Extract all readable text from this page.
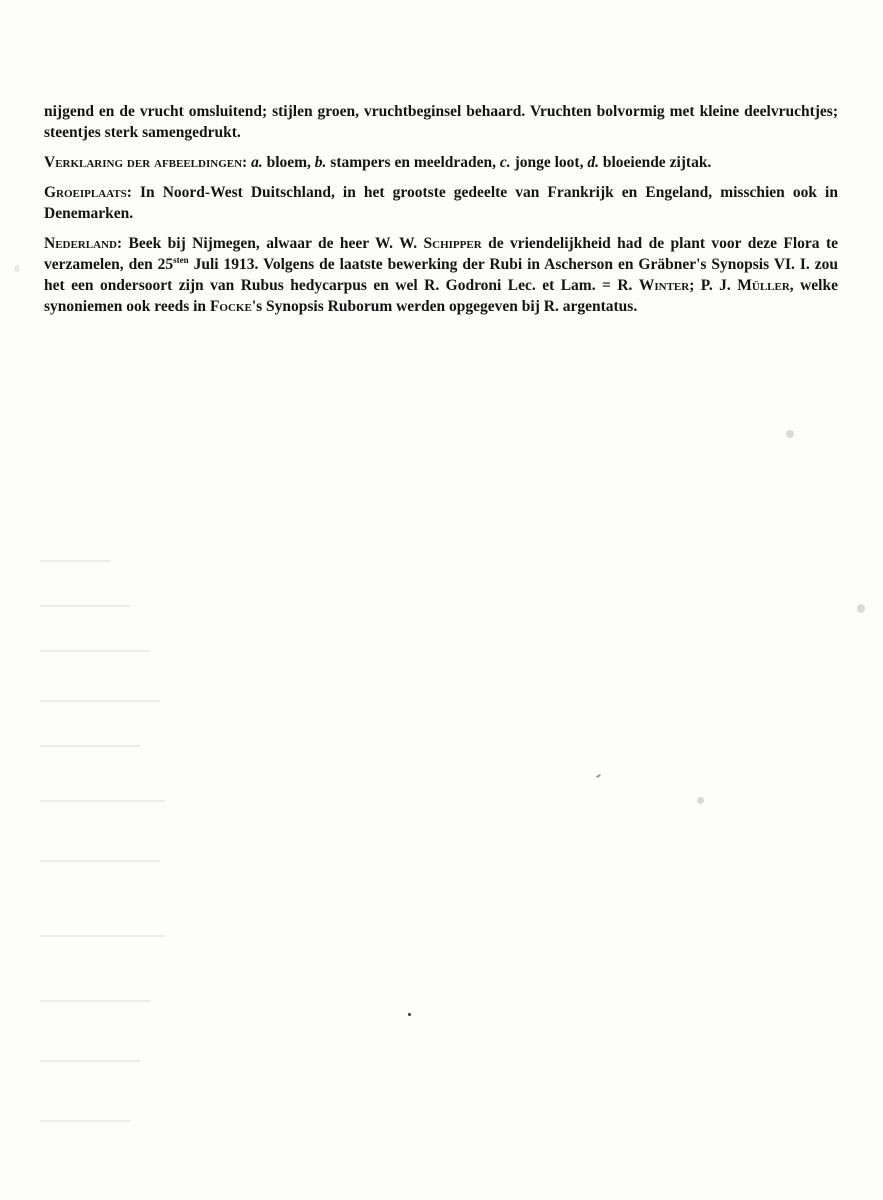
nijgend en de vrucht omsluitend; stijlen groen, vruchtbeginsel behaard. Vruchten bolvormig met kleine deelvruchtjes; steentjes sterk samengedrukt.

Verklaring der afbeeldingen: a. bloem, b. stampers en meeldraden, c. jonge loot, d. bloeiende zijtak.

Groeiplaats: In Noord-West Duitschland, in het grootste gedeelte van Frankrijk en Engeland, misschien ook in Denemarken.

Nederland: Beek bij Nijmegen, alwaar de heer W. W. Schipper de vriendelijkheid had de plant voor deze Flora te verzamelen, den $25^{sten}$ Juli 1913. Volgens de laatste bewerking der Rubi in Ascherson en Gräbner's Synopsis VI. I. zou het een ondersoort zijn van Rubus hedycarpus en wel R. Godroni Lec. et Lam. = R. Winter; P. J. Müller, welke synoniemen ook reeds in Focke's Synopsis Ruborum werden opgegeven bij R. argentatus.
